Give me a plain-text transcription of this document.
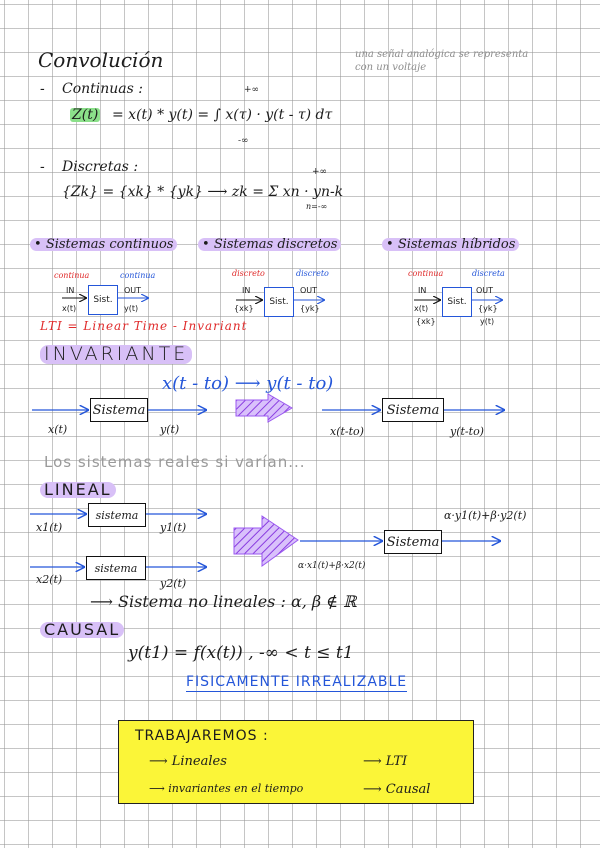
Convolución	una señal analógica se representa con un voltaje
- Continuas :	+∞
Z(t) = x(t) * y(t) = ∫ x(τ) · y(t - τ) dτ
-∞
- Discretas :	+∞
{Zk} = {xk} * {yk} ⟶ zk = Σ xn · yn-k
n=-∞
• Sistemas continuos	• Sistemas discretos	• Sistemas híbridos
continua	continua
IN	OUT
Sist.
x(t)	y(t)
discreto	discreto
IN	OUT
Sist.
{xk}	{yk}
continua	discreta
IN	OUT
Sist.
x(t)
{xk}
{yk}
y(t)
LTI = Linear Time - Invariant
INVARIANTE
x(t - to) ⟶ y(t - to)
Sistema	Sistema
x(t)	y(t)	x(t-to)	y(t-to)
Los sistemas reales si varían...
LINEAL
sistema
sistema
x1(t)	y1(t)
x2(t)	y2(t)
Sistema
α·x1(t)+β·x2(t)
α·y1(t)+β·y2(t)
⟶ Sistema no lineales : α, β ∉ ℝ
CAUSAL
y(t1) = f(x(t)) , -∞ < t ≤ t1
FISICAMENTE IRREALIZABLE
TRABAJAREMOS :
⟶ Lineales	⟶ LTI
⟶ invariantes en el tiempo	⟶ Causal
